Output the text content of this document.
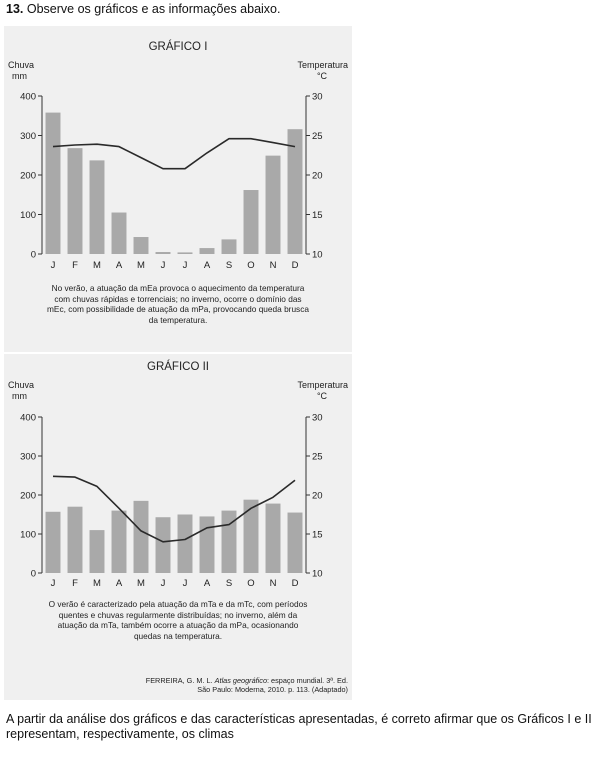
13. Observe os gráficos e as informações abaixo.
GRÁFICO I
Chuva
mm
Temperatura
°C
0
100
200
300
400
10
15
20
25
30
J F M A M J J A S O N D
No verão, a atuação da mEa provoca o aquecimento da temperatura com chuvas rápidas e torrenciais; no inverno, ocorre o domínio das mEc, com possibilidade de atuação da mPa, provocando queda brusca da temperatura.
GRÁFICO II
Chuva
mm
Temperatura
°C
0
100
200
300
400
10
15
20
25
30
J F M A M J J A S O N D
O verão é caracterizado pela atuação da mTa e da mTc, com períodos quentes e chuvas regularmente distribuídas; no inverno, além da atuação da mTa, também ocorre a atuação da mPa, ocasionando quedas na temperatura.
FERREIRA, G. M. L. Atlas geográfico: espaço mundial. 3ª. Ed.
São Paulo: Moderna, 2010. p. 113. (Adaptado)
A partir da análise dos gráficos e das características apresentadas, é correto afirmar que os Gráficos I e II representam, respectivamente, os climas
